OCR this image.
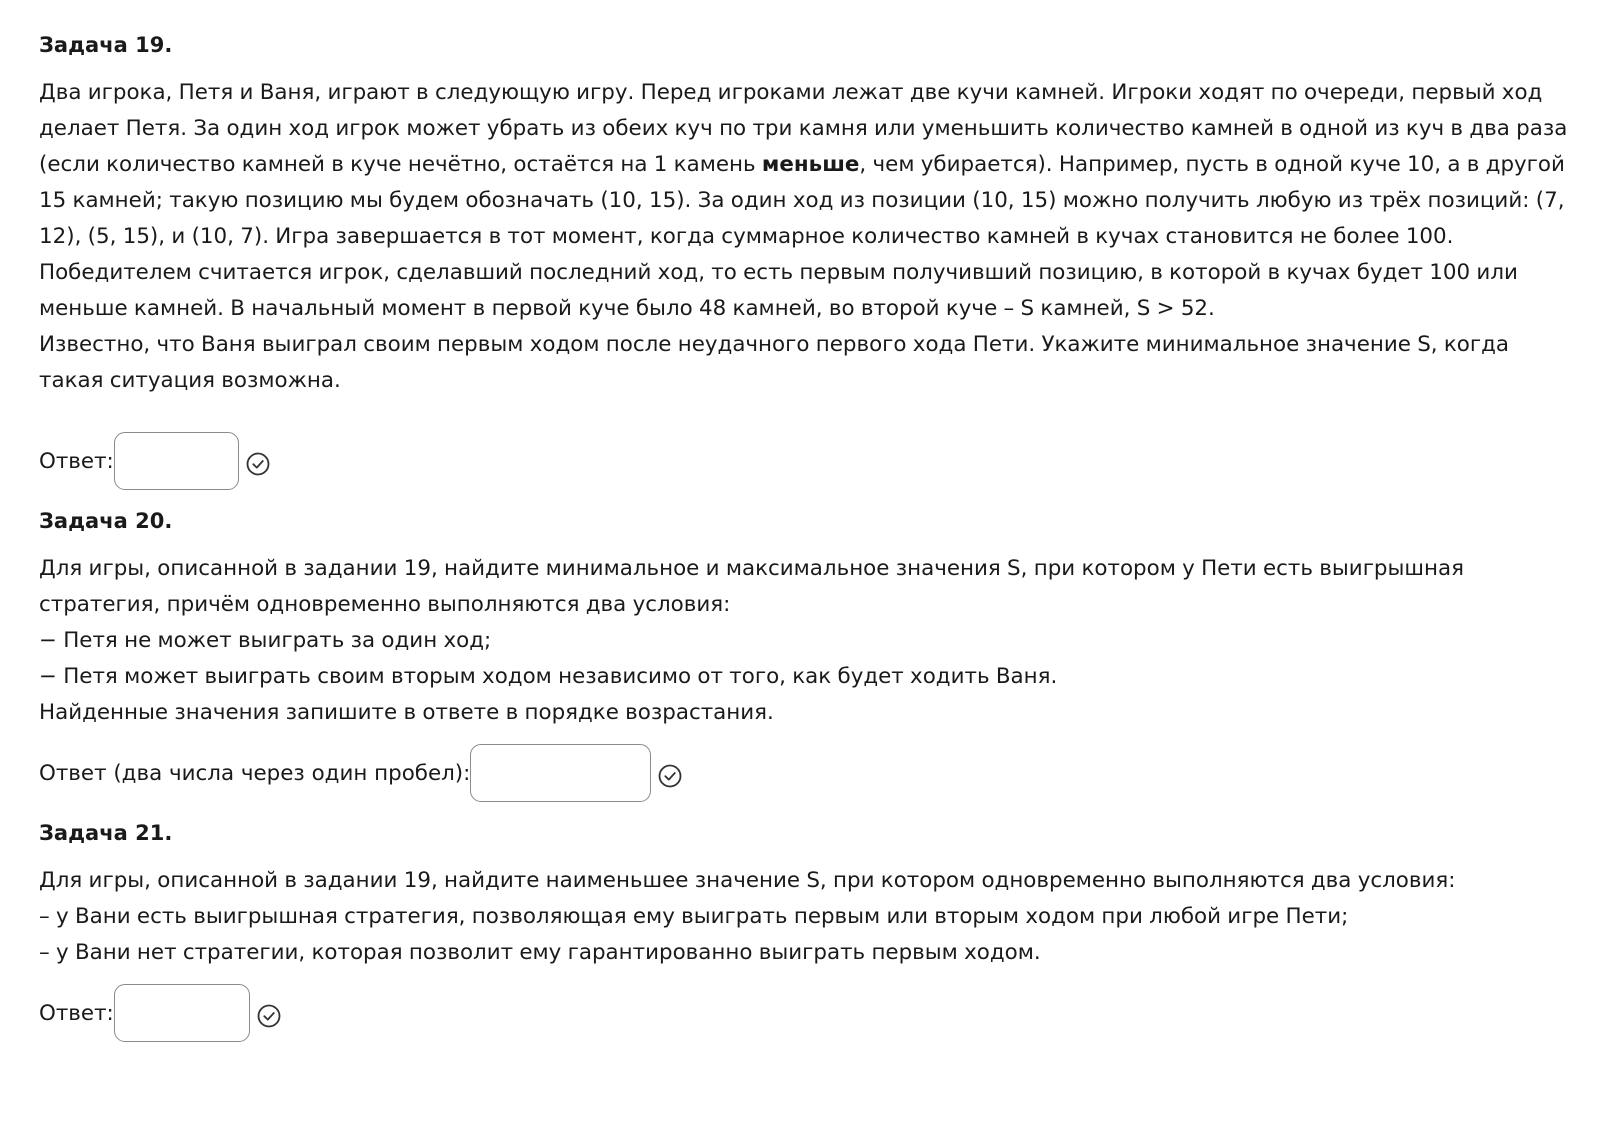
Задача 19.

Два игрока, Петя и Ваня, играют в следующую игру. Перед игроками лежат две кучи камней. Игроки ходят по очереди, первый ход делает Петя. За один ход игрок может убрать из обеих куч по три камня или уменьшить количество камней в одной из куч в два раза (если количество камней в куче нечётно, остаётся на 1 камень меньше, чем убирается). Например, пусть в одной куче 10, а в другой 15 камней; такую позицию мы будем обозначать (10, 15). За один ход из позиции (10, 15) можно получить любую из трёх позиций: (7, 12), (5, 15), и (10, 7). Игра завершается в тот момент, когда суммарное количество камней в кучах становится не более 100. Победителем считается игрок, сделавший последний ход, то есть первым получивший позицию, в которой в кучах будет 100 или меньше камней. В начальный момент в первой куче было 48 камней, во второй куче – S камней, S > 52.

Известно, что Ваня выиграл своим первым ходом после неудачного первого хода Пети. Укажите минимальное значение S, когда такая ситуация возможна.

Ответ:
Задача 20.

Для игры, описанной в задании 19, найдите минимальное и максимальное значения S, при котором у Пети есть выигрышная стратегия, причём одновременно выполняются два условия:

− Петя не может выиграть за один ход;

− Петя может выиграть своим вторым ходом независимо от того, как будет ходить Ваня.

Найденные значения запишите в ответе в порядке возрастания.

Ответ (два числа через один пробел):
Задача 21.

Для игры, описанной в задании 19, найдите наименьшее значение S, при котором одновременно выполняются два условия:

– у Вани есть выигрышная стратегия, позволяющая ему выиграть первым или вторым ходом при любой игре Пети;

– у Вани нет стратегии, которая позволит ему гарантированно выиграть первым ходом.

Ответ:
